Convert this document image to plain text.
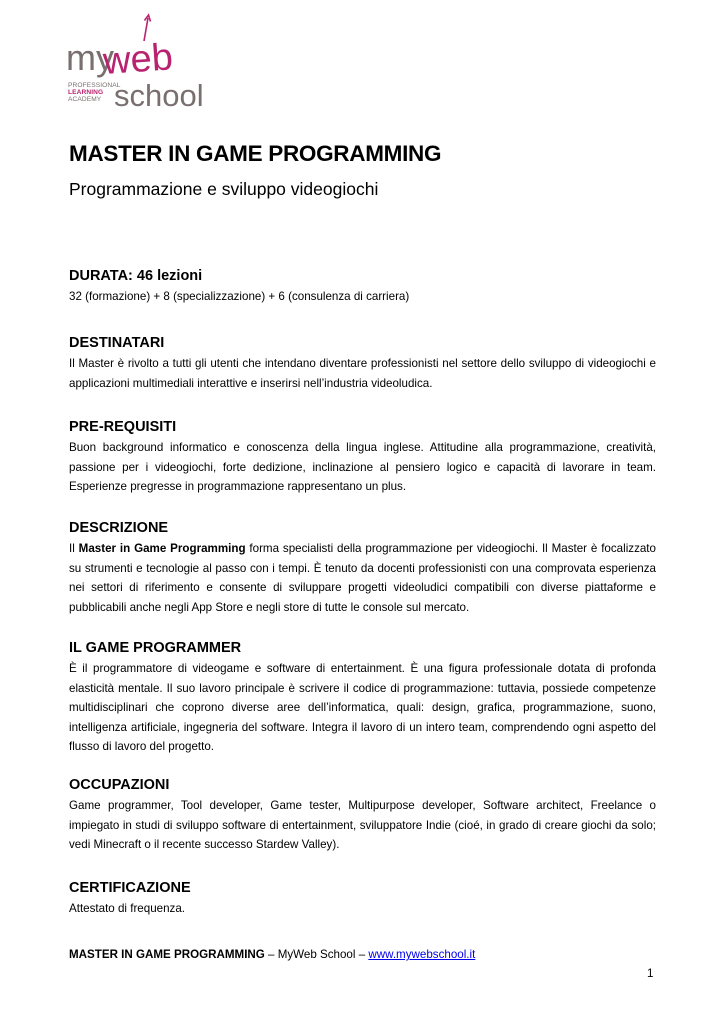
my
web
school
PROFESSIONAL
LEARNING
ACADEMY
MASTER IN GAME PROGRAMMING
Programmazione e sviluppo videogiochi
DURATA: 46 lezioni

32 (formazione) + 8 (specializzazione) + 6 (consulenza di carriera)

DESTINATARI

Il Master è rivolto a tutti gli utenti che intendano diventare professionisti nel settore dello sviluppo di videogiochi e applicazioni multimediali interattive e inserirsi nell’industria videoludica.

PRE-REQUISITI

Buon background informatico e conoscenza della lingua inglese. Attitudine alla programmazione, creatività, passione per i videogiochi, forte dedizione, inclinazione al pensiero logico e capacità di lavorare in team. Esperienze pregresse in programmazione rappresentano un plus.

DESCRIZIONE

Il Master in Game Programming forma specialisti della programmazione per videogiochi. Il Master è focalizzato su strumenti e tecnologie al passo con i tempi. È tenuto da docenti professionisti con una comprovata esperienza nei settori di riferimento e consente di sviluppare progetti videoludici compatibili con diverse piattaforme e pubblicabili anche negli App Store e negli store di tutte le console sul mercato.

IL GAME PROGRAMMER

È il programmatore di videogame e software di entertainment. È una figura professionale dotata di profonda elasticità mentale. Il suo lavoro principale è scrivere il codice di programmazione: tuttavia, possiede competenze multidisciplinari che coprono diverse aree dell’informatica, quali: design, grafica, programmazione, suono, intelligenza artificiale, ingegneria del software. Integra il lavoro di un intero team, comprendendo ogni aspetto del flusso di lavoro del progetto.

OCCUPAZIONI

Game programmer, Tool developer, Game tester, Multipurpose developer, Software architect, Freelance o impiegato in studi di sviluppo software di entertainment, sviluppatore Indie (cioé, in grado di creare giochi da solo; vedi Minecraft o il recente successo Stardew Valley).

CERTIFICAZIONE

Attestato di frequenza.

MASTER IN GAME PROGRAMMING – MyWeb School – www.mywebschool.it
1
